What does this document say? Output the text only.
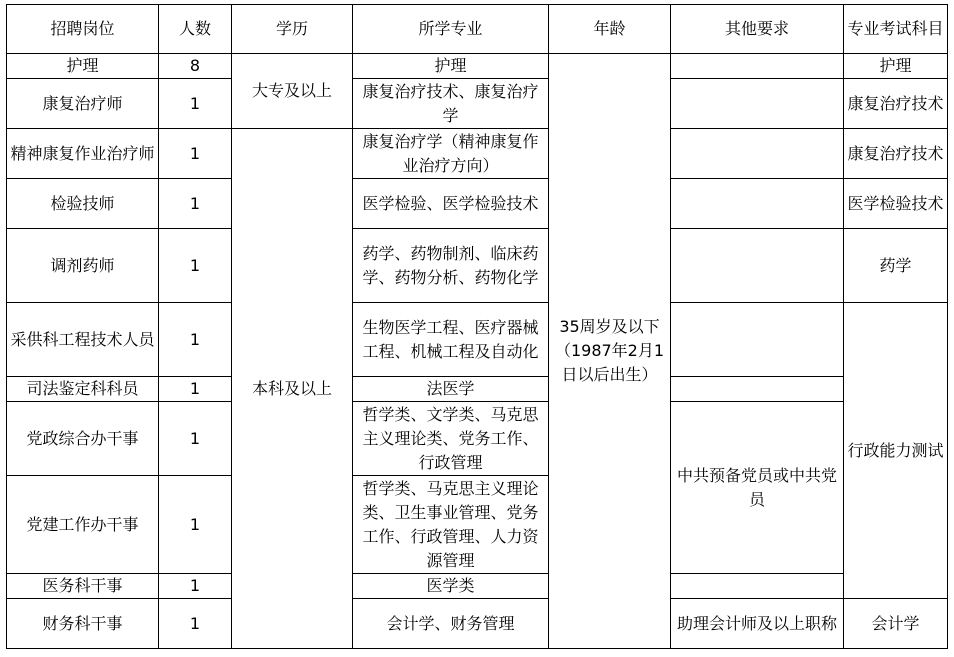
招聘岗位	人数	学历	所学专业	年龄	其他要求	专业考试科目
护理	8	大专及以上	护理	35周岁及以下（1987年2月1日以后出生）		护理
康复治疗师	1		康复治疗技术、康复治疗学			康复治疗技术
精神康复作业治疗师	1	本科及以上	康复治疗学（精神康复作业治疗方向）			康复治疗技术
检验技师	1		医学检验、医学检验技术			医学检验技术
调剂药师	1		药学、药物制剂、临床药学、药物分析、药物化学			药学
采供科工程技术人员	1		生物医学工程、医疗器械工程、机械工程及自动化			行政能力测试
司法鉴定科科员	1		法医学			
党政综合办干事	1		哲学类、文学类、马克思主义理论类、党务工作、行政管理		中共预备党员或中共党员	
党建工作办干事	1		哲学类、马克思主义理论类、卫生事业管理、党务工作、行政管理、人力资源管理			
医务科干事	1		医学类			
财务科干事	1		会计学、财务管理		助理会计师及以上职称	会计学
